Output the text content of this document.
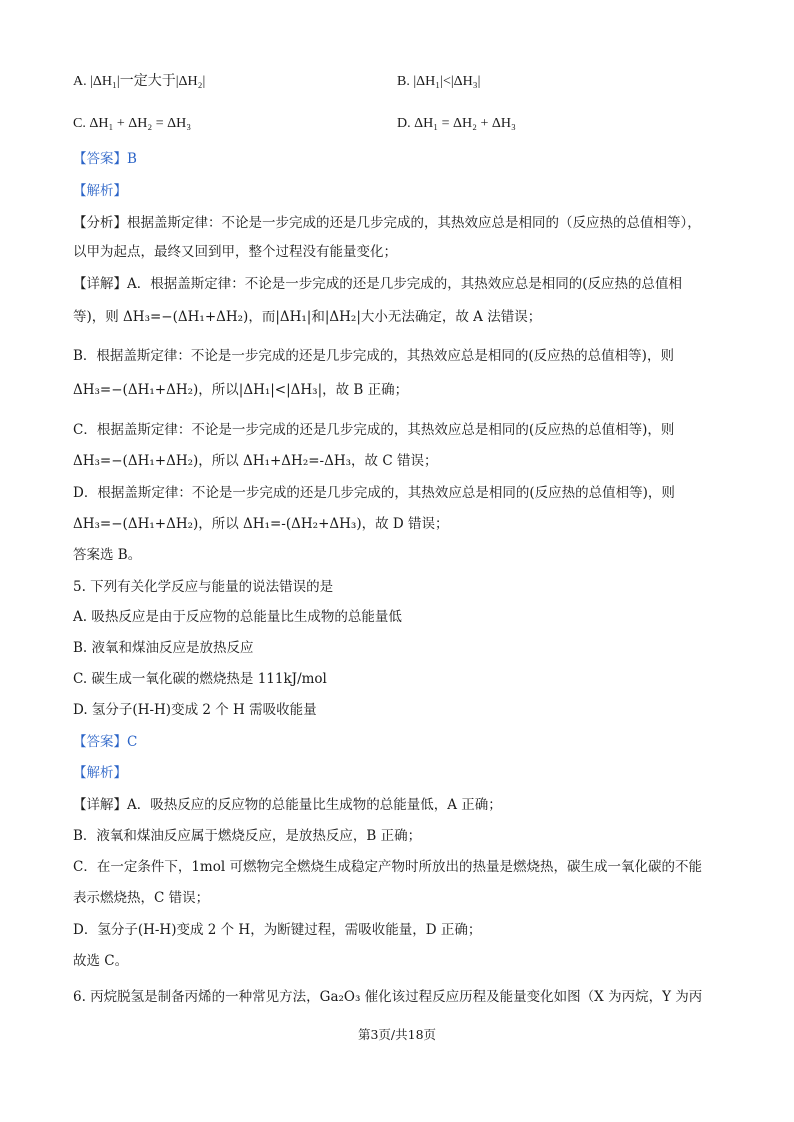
A. |ΔH₁|一定大于|ΔH₂|	B. |ΔH₁|<|ΔH₃|
C. ΔH₁ + ΔH₂ = ΔH₃	D. ΔH₁ = ΔH₂ + ΔH₃
【答案】B
【解析】
【分析】根据盖斯定律：不论是一步完成的还是几步完成的，其热效应总是相同的（反应热的总值相等），
以甲为起点，最终又回到甲，整个过程没有能量变化；
【详解】A．根据盖斯定律：不论是一步完成的还是几步完成的，其热效应总是相同的(反应热的总值相
等)，则 ΔH₃=−(ΔH₁+ΔH₂)，而|ΔH₁|和|ΔH₂|大小无法确定，故 A 法错误；
B．根据盖斯定律：不论是一步完成的还是几步完成的，其热效应总是相同的(反应热的总值相等)，则
ΔH₃=−(ΔH₁+ΔH₂)，所以|ΔH₁|<|ΔH₃|，故 B 正确；
C．根据盖斯定律：不论是一步完成的还是几步完成的，其热效应总是相同的(反应热的总值相等)，则
ΔH₃=−(ΔH₁+ΔH₂)，所以 ΔH₁+ΔH₂=-ΔH₃，故 C 错误；
D．根据盖斯定律：不论是一步完成的还是几步完成的，其热效应总是相同的(反应热的总值相等)，则
ΔH₃=−(ΔH₁+ΔH₂)，所以 ΔH₁=-(ΔH₂+ΔH₃)，故 D 错误；
答案选 B。
5. 下列有关化学反应与能量的说法错误的是
A. 吸热反应是由于反应物的总能量比生成物的总能量低
B. 液氧和煤油反应是放热反应
C. 碳生成一氧化碳的燃烧热是 111kJ/mol
D. 氢分子(H-H)变成 2 个 H 需吸收能量
【答案】C
【解析】
【详解】A．吸热反应的反应物的总能量比生成物的总能量低，A 正确；
B．液氧和煤油反应属于燃烧反应，是放热反应，B 正确；
C．在一定条件下，1mol 可燃物完全燃烧生成稳定产物时所放出的热量是燃烧热，碳生成一氧化碳的不能
表示燃烧热，C 错误；
D．氢分子(H-H)变成 2 个 H，为断键过程，需吸收能量，D 正确；
故选 C。
6. 丙烷脱氢是制备丙烯的一种常见方法，Ga₂O₃ 催化该过程反应历程及能量变化如图（X 为丙烷，Y 为丙
第3页/共18页
